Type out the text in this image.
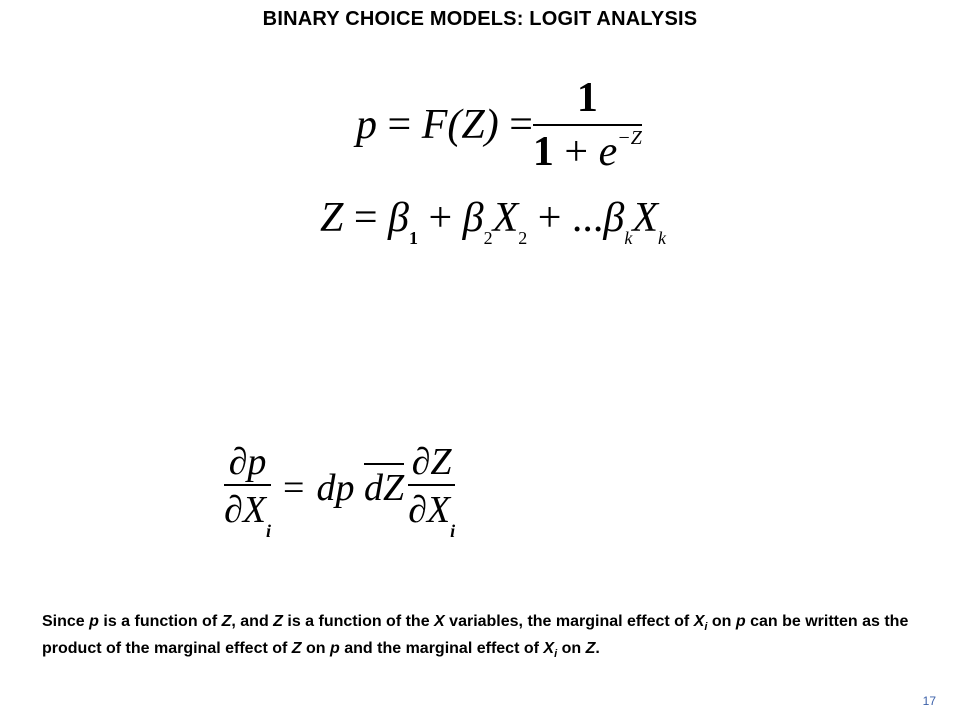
BINARY CHOICE MODELS: LOGIT ANALYSIS
$p = F(Z) = \frac{1}{1 + e^{-Z}}$
$Z = \beta_1 + \beta_2X_2 + ...\beta_kX_k$
$\frac{\partial p}{\partial X_i}$ = dp dZ $\frac{\partial Z}{\partial X_i}$
Since p is a function of Z, and Z is a function of the X variables, the marginal effect of $X_i$ on p can be written as the product of the marginal effect of Z on p and the marginal effect of $X_i$ on Z.
17
